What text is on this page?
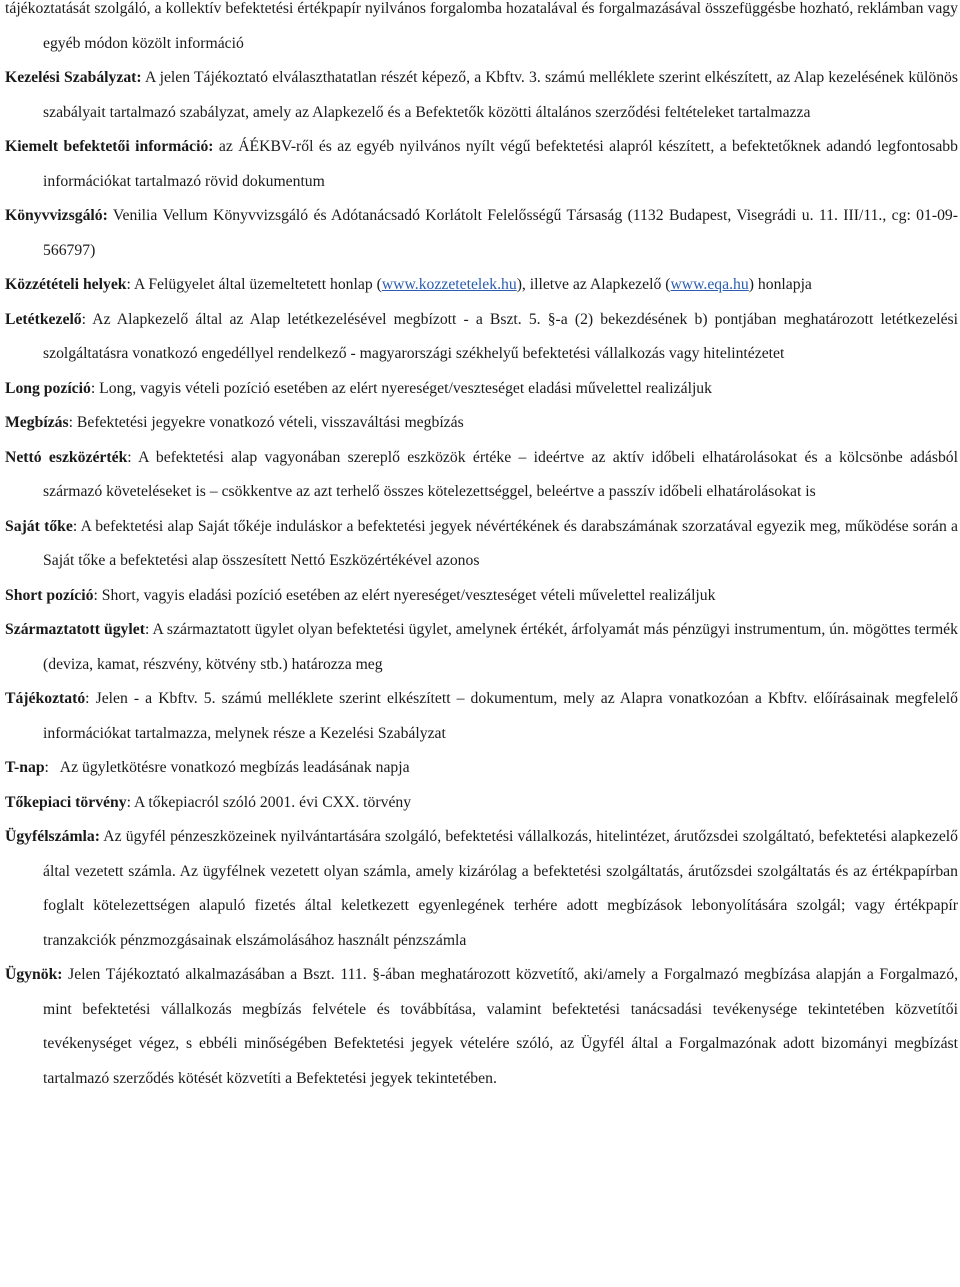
tájékoztatását szolgáló, a kollektív befektetési értékpapír nyilvános forgalomba hozatalával és forgalmazásával összefüggésbe hozható, reklámban vagy egyéb módon közölt információ

Kezelési Szabályzat: A jelen Tájékoztató elválaszthatatlan részét képező, a Kbftv. 3. számú melléklete szerint elkészített, az Alap kezelésének különös szabályait tartalmazó szabályzat, amely az Alapkezelő és a Befektetők közötti általános szerződési feltételeket tartalmazza

Kiemelt befektetői információ: az ÁÉKBV-ről és az egyéb nyilvános nyílt végű befektetési alapról készített, a befektetőknek adandó legfontosabb információkat tartalmazó rövid dokumentum

Könyvvizsgáló: Venilia Vellum Könyvvizsgáló és Adótanácsadó Korlátolt Felelősségű Társaság (1132 Budapest, Visegrádi u. 11. III/11., cg: 01-09-566797)

Közzétételi helyek: A Felügyelet által üzemeltetett honlap (www.kozzetetelek.hu), illetve az Alapkezelő (www.eqa.hu) honlapja

Letétkezelő: Az Alapkezelő által az Alap letétkezelésével megbízott - a Bszt. 5. §-a (2) bekezdésének b) pontjában meghatározott letétkezelési szolgáltatásra vonatkozó engedéllyel rendelkező - magyarországi székhelyű befektetési vállalkozás vagy hitelintézetet

Long pozíció: Long, vagyis vételi pozíció esetében az elért nyereséget/veszteséget eladási művelettel realizáljuk

Megbízás: Befektetési jegyekre vonatkozó vételi, visszaváltási megbízás

Nettó eszközérték: A befektetési alap vagyonában szereplő eszközök értéke – ideértve az aktív időbeli elhatárolásokat és a kölcsönbe adásból származó követeléseket is – csökkentve az azt terhelő összes kötelezettséggel, beleértve a passzív időbeli elhatárolásokat is

Saját tőke: A befektetési alap Saját tőkéje induláskor a befektetési jegyek névértékének és darabszámának szorzatával egyezik meg, működése során a Saját tőke a befektetési alap összesített Nettó Eszközértékével azonos

Short pozíció: Short, vagyis eladási pozíció esetében az elért nyereséget/veszteséget vételi művelettel realizáljuk

Származtatott ügylet: A származtatott ügylet olyan befektetési ügylet, amelynek értékét, árfolyamát más pénzügyi instrumentum, ún. mögöttes termék (deviza, kamat, részvény, kötvény stb.) határozza meg

Tájékoztató: Jelen - a Kbftv. 5. számú melléklete szerint elkészített – dokumentum, mely az Alapra vonatkozóan a Kbftv. előírásainak megfelelő információkat tartalmazza, melynek része a Kezelési Szabályzat

T-nap:   Az ügyletkötésre vonatkozó megbízás leadásának napja

Tőkepiaci törvény: A tőkepiacról szóló 2001. évi CXX. törvény

Ügyfélszámla: Az ügyfél pénzeszközeinek nyilvántartására szolgáló, befektetési vállalkozás, hitelintézet, árutőzsdei szolgáltató, befektetési alapkezelő által vezetett számla. Az ügyfélnek vezetett olyan számla, amely kizárólag a befektetési szolgáltatás, árutőzsdei szolgáltatás és az értékpapírban foglalt kötelezettségen alapuló fizetés által keletkezett egyenlegének terhére adott megbízások lebonyolítására szolgál; vagy értékpapír tranzakciók pénzmozgásainak elszámolásához használt pénzszámla

Ügynök: Jelen Tájékoztató alkalmazásában a Bszt. 111. §-ában meghatározott közvetítő, aki/amely a Forgalmazó megbízása alapján a Forgalmazó, mint befektetési vállalkozás megbízás felvétele és továbbítása, valamint befektetési tanácsadási tevékenysége tekintetében közvetítői tevékenységet végez, s ebbéli minőségében Befektetési jegyek vételére szóló, az Ügyfél által a Forgalmazónak adott bizományi megbízást tartalmazó szerződés kötését közvetíti a Befektetési jegyek tekintetében.
